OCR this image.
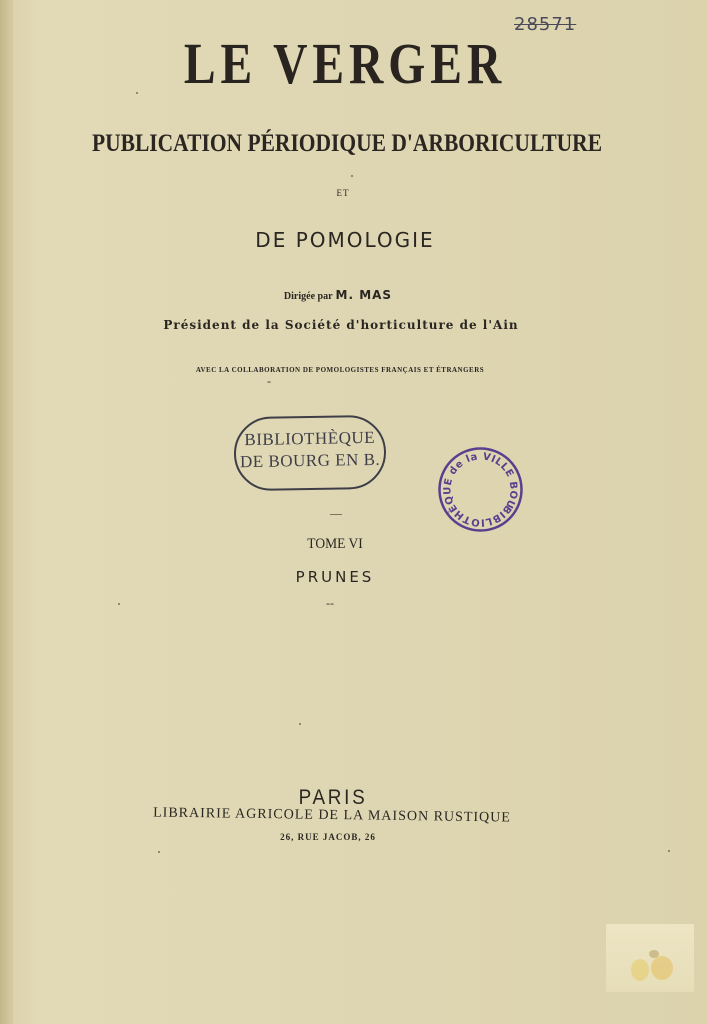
28571
LE VERGER
PUBLICATION PÉRIODIQUE D'ARBORICULTURE
ET
DE POMOLOGIE
Dirigée par M. MAS
Président de la Société d'horticulture de l'Ain
AVEC LA COLLABORATION DE POMOLOGISTES FRANÇAIS ET ÉTRANGERS
-
BIBLIOTHÈQUE
DE BOURG EN B.
BIBLIOTHÈQUE de la VILLE BOURG
—
TOME VI
PRUNES
--
PARIS
LIBRAIRIE AGRICOLE DE LA MAISON RUSTIQUE
26, RUE JACOB, 26
